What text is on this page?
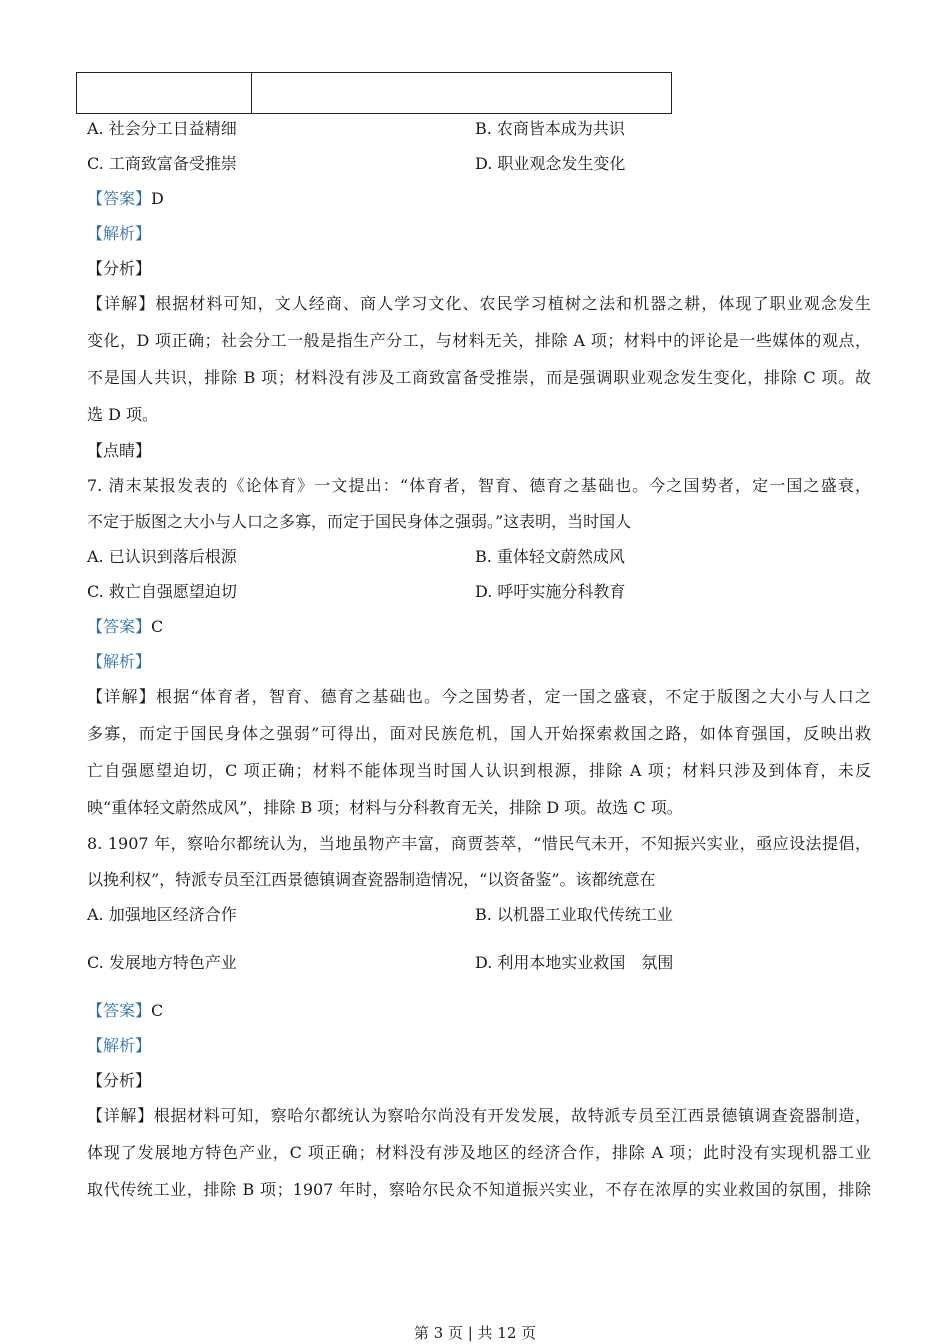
A. 社会分工日益精细	B. 农商皆本成为共识
C. 工商致富备受推崇	D. 职业观念发生变化
【答案】D
【解析】
【分析】
【详解】根据材料可知，文人经商、商人学习文化、农民学习植树之法和机器之耕，体现了职业观念发生
变化，D 项正确；社会分工一般是指生产分工，与材料无关，排除 A 项；材料中的评论是一些媒体的观点，
不是国人共识，排除 B 项；材料没有涉及工商致富备受推崇，而是强调职业观念发生变化，排除 C 项。故
选 D 项。
【点睛】
7. 清末某报发表的《论体育》一文提出：“体育者，智育、德育之基础也。今之国势者，定一国之盛衰，
不定于版图之大小与人口之多寡，而定于国民身体之强弱。”这表明，当时国人
A. 已认识到落后根源	B. 重体轻文蔚然成风
C. 救亡自强愿望迫切	D. 呼吁实施分科教育
【答案】C
【解析】
【详解】根据“体育者，智育、德育之基础也。今之国势者，定一国之盛衰，不定于版图之大小与人口之
多寡，而定于国民身体之强弱”可得出，面对民族危机，国人开始探索救国之路，如体育强国，反映出救
亡自强愿望迫切，C 项正确；材料不能体现当时国人认识到根源，排除 A 项；材料只涉及到体育，未反
映“重体轻文蔚然成风”，排除 B 项；材料与分科教育无关，排除 D 项。故选 C 项。
8. 1907 年，察哈尔都统认为，当地虽物产丰富，商贾荟萃，“惜民气未开，不知振兴实业，亟应设法提倡，
以挽利权”，特派专员至江西景德镇调查瓷器制造情况，“以资备鉴”。该都统意在
A. 加强地区经济合作	B. 以机器工业取代传统工业
C. 发展地方特色产业	D. 利用本地实业救国　氛围
【答案】C
【解析】
【分析】
【详解】根据材料可知，察哈尔都统认为察哈尔尚没有开发发展，故特派专员至江西景德镇调查瓷器制造，
体现了发展地方特色产业，C 项正确；材料没有涉及地区的经济合作，排除 A 项；此时没有实现机器工业
取代传统工业，排除 B 项；1907 年时，察哈尔民众不知道振兴实业，不存在浓厚的实业救国的氛围，排除
第 3 页 | 共 12 页
